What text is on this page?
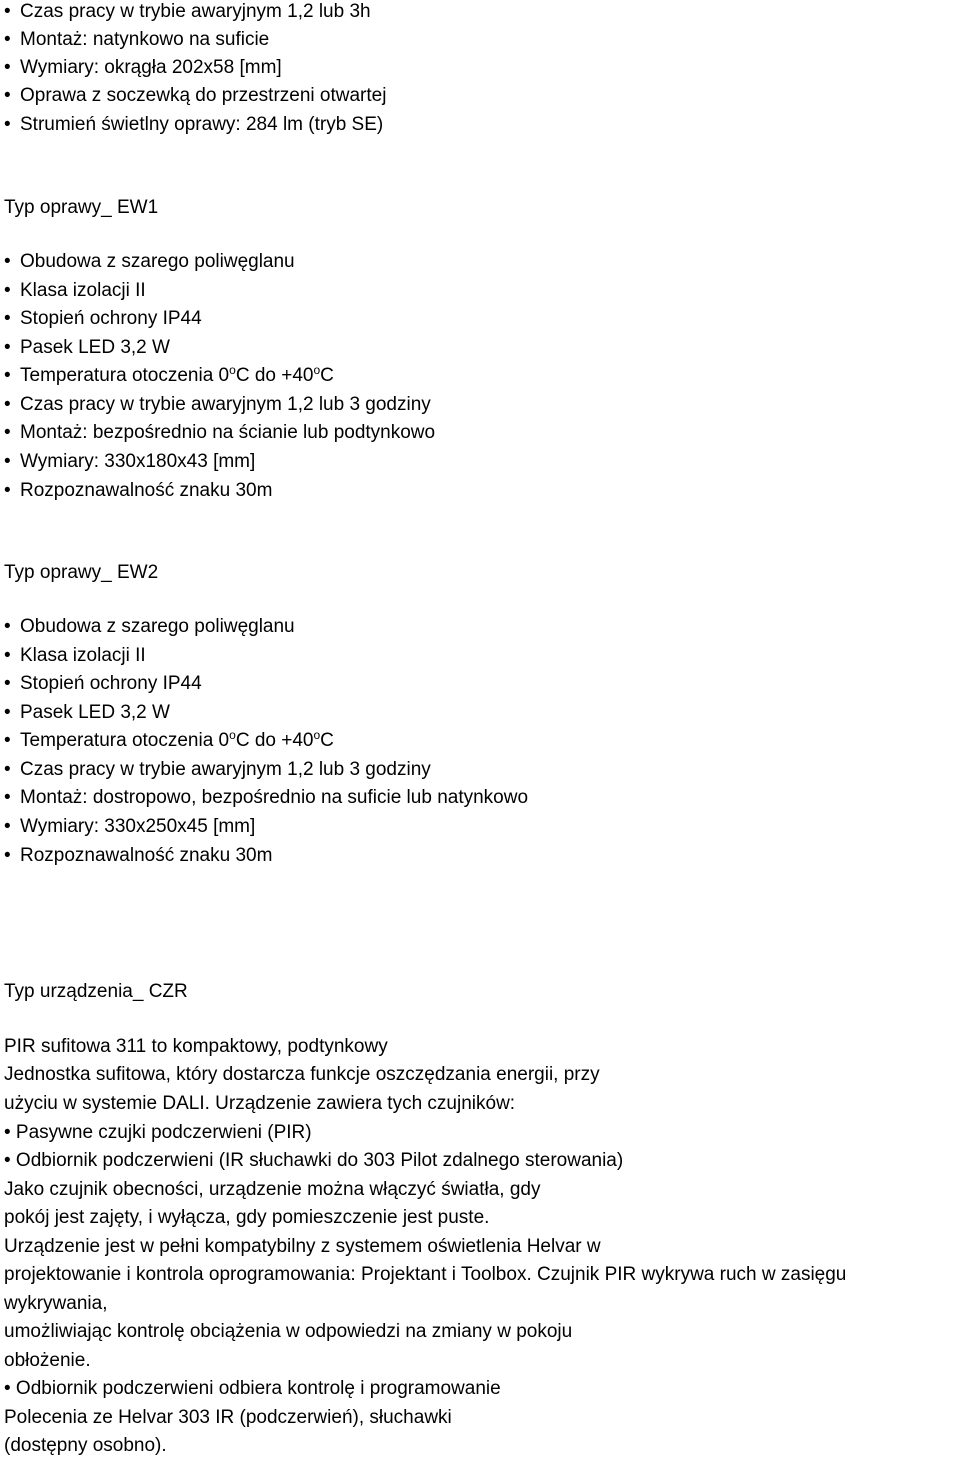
• Czas pracy w trybie awaryjnym 1,2 lub 3h
• Montaż: natynkowo na suficie
• Wymiary: okrągła 202x58 [mm]
• Oprawa z soczewką do przestrzeni otwartej
• Strumień świetlny oprawy: 284 lm (tryb SE)
Typ oprawy_ EW1
• Obudowa z szarego poliwęglanu
• Klasa izolacji II
• Stopień ochrony IP44
• Pasek LED 3,2 W
• Temperatura otoczenia 0$^o$C do $+40^oC$
• Czas pracy w trybie awaryjnym 1,2 lub 3 godziny
• Montaż: bezpośrednio na ścianie lub podtynkowo
• Wymiary: 330x180x43 [mm]
• Rozpoznawalność znaku 30m
Typ oprawy_ EW2
• Obudowa z szarego poliwęglanu
• Klasa izolacji II
• Stopień ochrony IP44
• Pasek LED 3,2 W
• Temperatura otoczenia 0$^o$C do $+40^oC$
• Czas pracy w trybie awaryjnym 1,2 lub 3 godziny
• Montaż: dostropowo, bezpośrednio na suficie lub natynkowo
• Wymiary: 330x250x45 [mm]
• Rozpoznawalność znaku 30m
Typ urządzenia_ CZR
PIR sufitowa 311 to kompaktowy, podtynkowy
Jednostka sufitowa, który dostarcza funkcje oszczędzania energii, przy
użyciu w systemie DALI. Urządzenie zawiera tych czujników:
• Pasywne czujki podczerwieni (PIR)
• Odbiornik podczerwieni (IR słuchawki do 303 Pilot zdalnego sterowania)
Jako czujnik obecności, urządzenie można włączyć światła, gdy
pokój jest zajęty, i wyłącza, gdy pomieszczenie jest puste.
Urządzenie jest w pełni kompatybilny z systemem oświetlenia Helvar w
projektowanie i kontrola oprogramowania: Projektant i Toolbox. Czujnik PIR wykrywa ruch w zasięgu
wykrywania,
umożliwiając kontrolę obciążenia w odpowiedzi na zmiany w pokoju
obłożenie.
• Odbiornik podczerwieni odbiera kontrolę i programowanie
Polecenia ze Helvar 303 IR (podczerwień), słuchawki
(dostępny osobno).
